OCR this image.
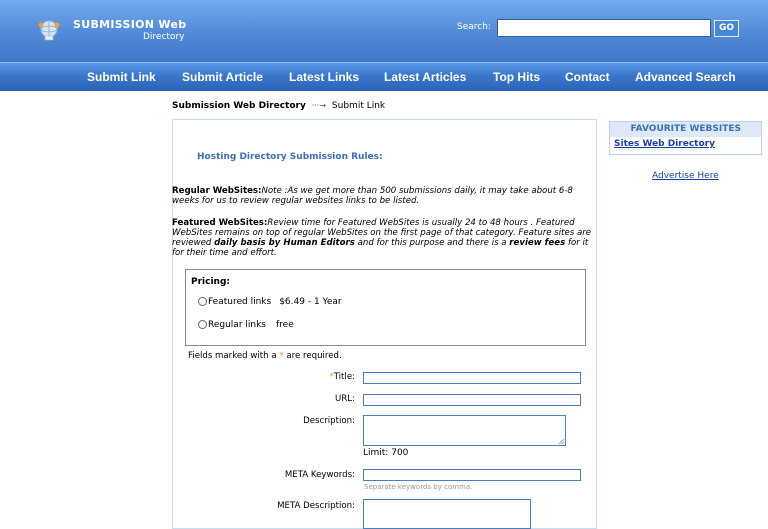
SUBMISSION Web
Directory
Search:	GO
Submit Link Submit Article Latest Links Latest Articles Top Hits Contact Advanced Search
Submission Web Directory ···→ Submit Link
Hosting Directory Submission Rules:
Regular WebSites:Note :As we get more than 500 submissions daily, it may take about 6-8 weeks for us to review regular websites links to be listed.
Featured WebSites:Review time for Featured WebSites is usually 24 to 48 hours . Featured WebSites remains on top of regular WebSites on the first page of that category. Feature sites are reviewed daily basis by Human Editors and for this purpose and there is a review fees for it for their time and effort.
Pricing:
Featured links $6.49 - 1 Year
Regular links free
Fields marked with a * are required.
*Title:
URL:
Description:
Limit: 700
META Keywords:
Separate keywords by comma.
META Description:
FAVOURITE WEBSITES
Sites Web Directory
Advertise Here
